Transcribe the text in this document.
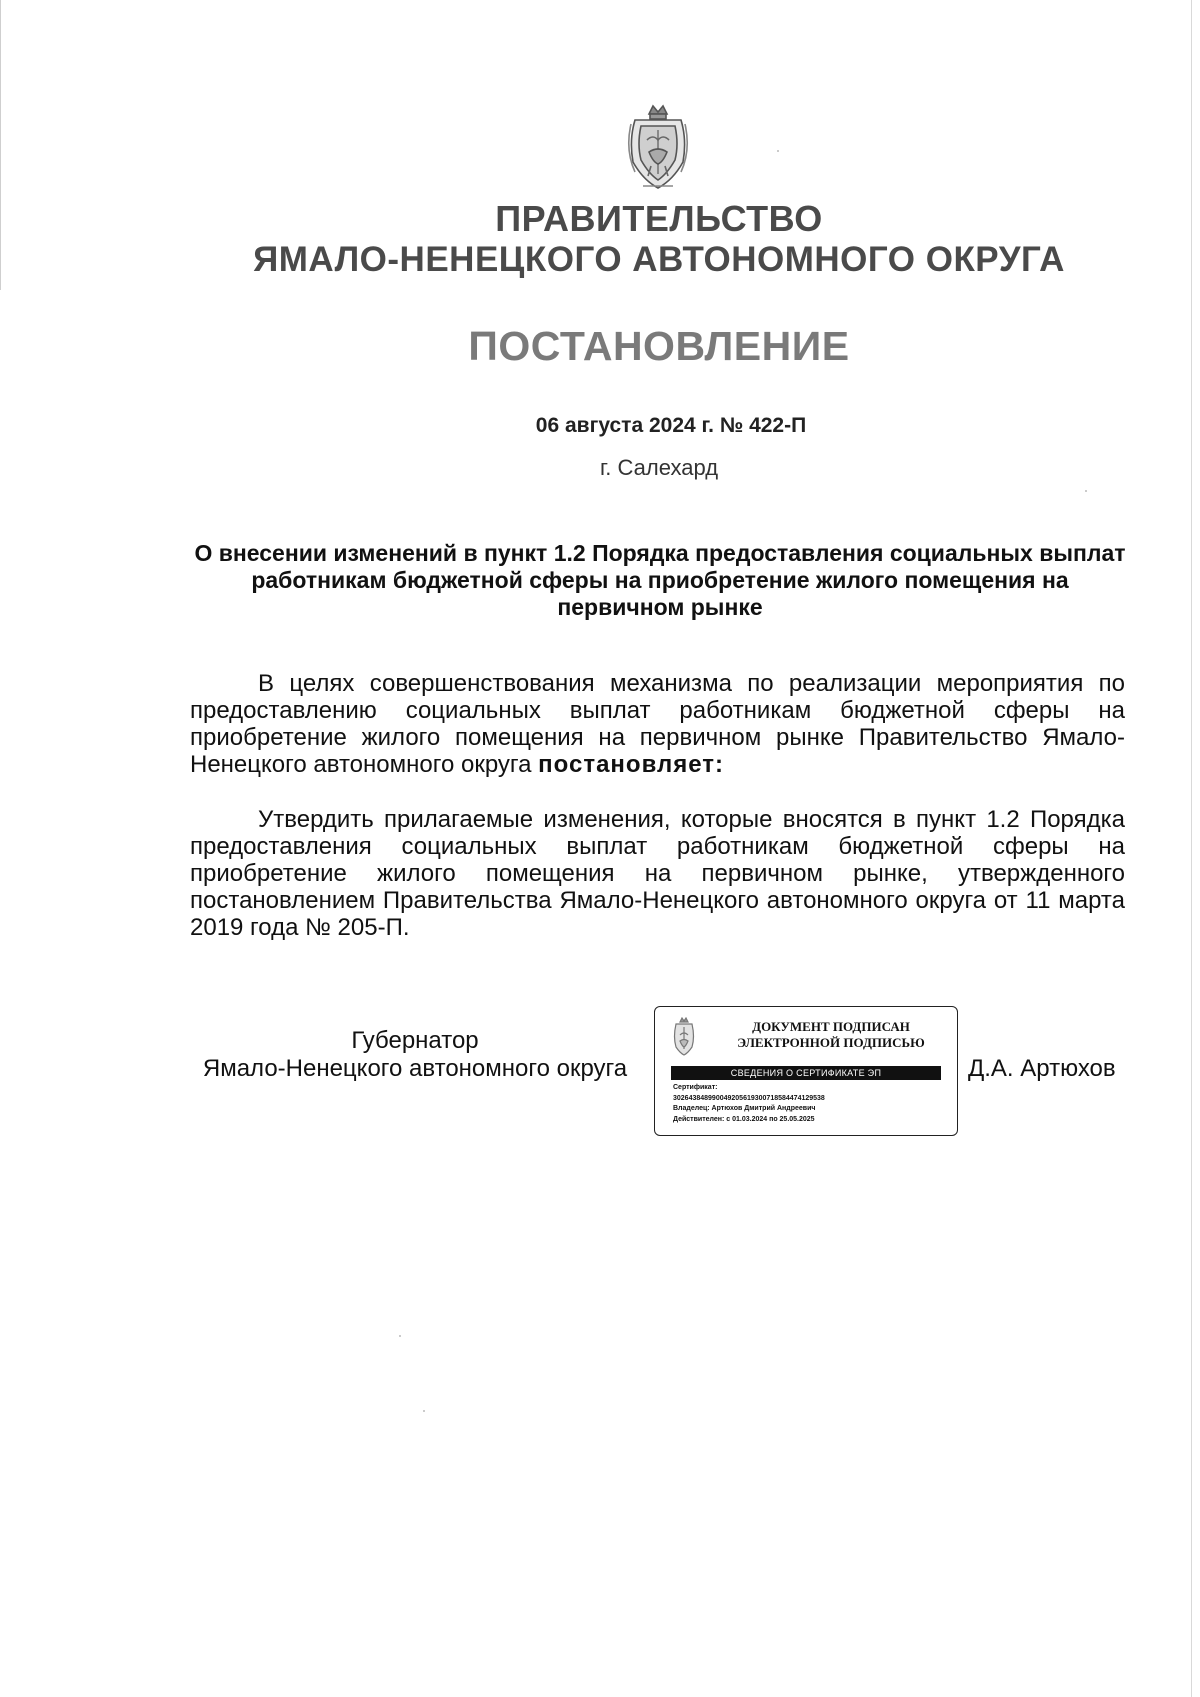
ПРАВИТЕЛЬСТВО
ЯМАЛО-НЕНЕЦКОГО АВТОНОМНОГО ОКРУГА
ПОСТАНОВЛЕНИЕ
06 августа 2024 г. № 422-П
г. Салехард
О внесении изменений в пункт 1.2 Порядка предоставления социальных выплат работникам бюджетной сферы на приобретение жилого помещения на первичном рынке
В целях совершенствования механизма по реализации мероприятия по предоставлению социальных выплат работникам бюджетной сферы на приобретение жилого помещения на первичном рынке Правительство Ямало-Ненецкого автономного округа постановляет:
Утвердить прилагаемые изменения, которые вносятся в пункт 1.2 Порядка предоставления социальных выплат работникам бюджетной сферы на приобретение жилого помещения на первичном рынке, утвержденного постановлением Правительства Ямало-Ненецкого автономного округа от 11 марта 2019 года № 205-П.
Губернатор
Ямало-Ненецкого автономного округа
ДОКУМЕНТ ПОДПИСАН
ЭЛЕКТРОННОЙ ПОДПИСЬЮ
СВЕДЕНИЯ О СЕРТИФИКАТЕ ЭП
Сертификат:
302643848990049205619300718584474129538
Владелец: Артюхов Дмитрий Андреевич
Действителен: с 01.03.2024 по 25.05.2025
Д.А. Артюхов
